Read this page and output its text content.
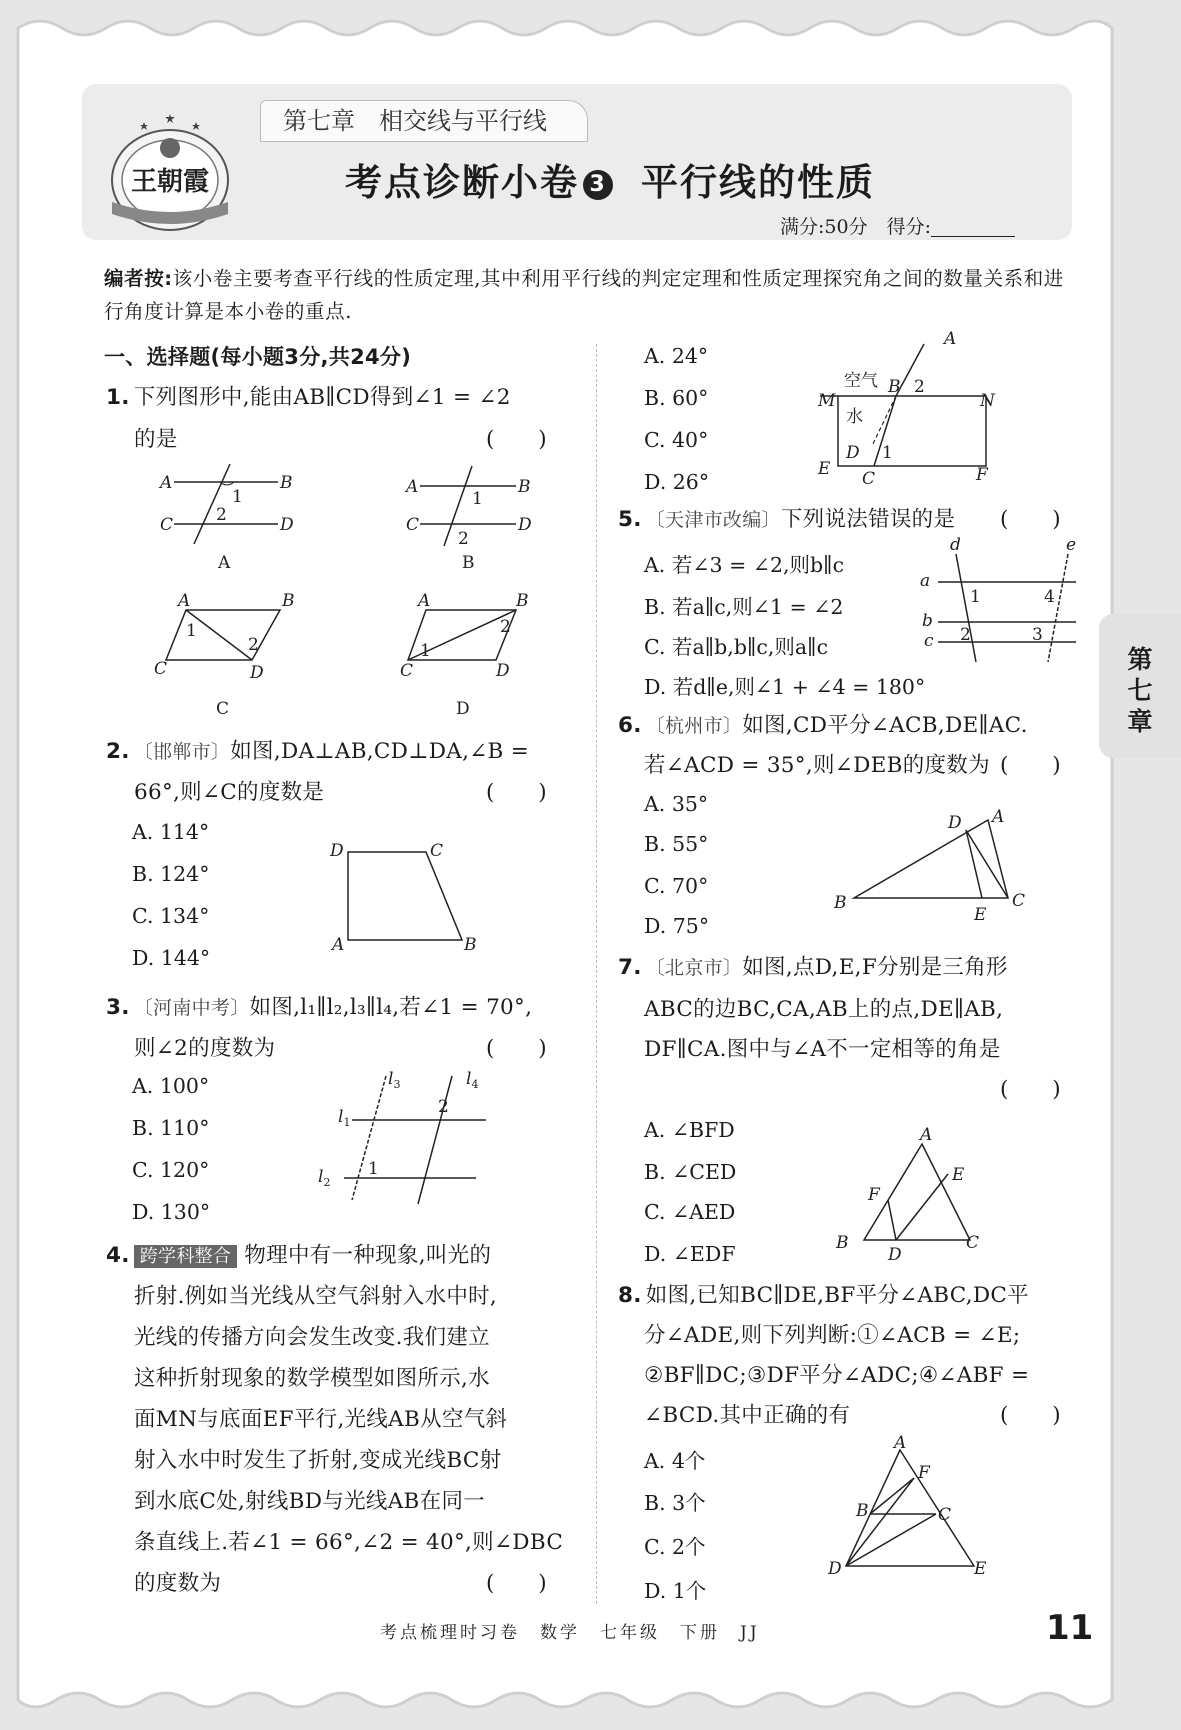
第七章　相交线与平行线
王朝霞	考点诊断小卷 3 平行线的性质
满分:50分　 得分:
编者按:该小卷主要考查平行线的性质定理,其中利用平行线的判定定理和性质定理探究角之间的数量关系和进行角度计算是本小卷的重点.
一、选择题(每小题3分,共24分)
1. 下列图形中,能由AB∥CD得到∠1 = ∠2
的是	(　　)
A	B
C	D
1
2
A
A	B
C	D
1
2
B
A	B
C	D
1
2
C
A	B
C	D
1
2
D
2. 〔邯郸市〕如图,DA⊥AB,CD⊥DA,∠B =
66°,则∠C的度数是	(　　)
A. 114°
B. 124°
C. 134°
D. 144°
D	C
A	B
3. 〔河南中考〕如图,l₁∥l₂,l₃∥l₄,若∠1 = 70°,
则∠2的度数为	(　　)
A. 100°
B. 110°
C. 120°
D. 130°
$l_3$	$l_4$
$l_1$
$l_2$
2
1
4. 跨学科整合 物理中有一种现象,叫光的
折射.例如当光线从空气斜射入水中时,
光线的传播方向会发生改变.我们建立
这种折射现象的数学模型如图所示,水
面MN与底面EF平行,光线AB从空气斜
射入水中时发生了折射,变成光线BC射
到水底C处,射线BD与光线AB在同一
条直线上.若∠1 = 66°,∠2 = 40°,则∠DBC
的度数为	(　　)
A. 24°
B. 60°
C. 40°
D. 26°
A
B 2
M	N
空气
水
D 1
E C	F
5. 〔天津市改编〕下列说法错误的是 (　　)
A. 若∠3 = ∠2,则b∥c
B. 若a∥c,则∠1 = ∠2
C. 若a∥b,b∥c,则a∥c
D. 若d∥e,则∠1 + ∠4 = 180°
d	e
a
b
c
1	4
2	3
6. 〔杭州市〕如图,CD平分∠ACB,DE∥AC.
若∠ACD = 35°,则∠DEB的度数为 (　　)
A. 35°
B. 55°
C. 70°
D. 75°
A
D
B
E
C
7. 〔北京市〕如图,点D,E,F分别是三角形
ABC的边BC,CA,AB上的点,DE∥AB,
DF∥CA.图中与∠A不一定相等的角是
(　　)
A. ∠BFD
B. ∠CED
C. ∠AED
D. ∠EDF
A
E
F
B
D
C
8. 如图,已知BC∥DE,BF平分∠ABC,DC平
分∠ADE,则下列判断:①∠ACB = ∠E;
②BF∥DC;③DF平分∠ADC;④∠ABF =
∠BCD.其中正确的有	(　　)
A. 4个
B. 3个
C. 2个
D. 1个
A
F
B	C
D	E
第七章
考点梳理时习卷　数学　七年级　下册　JJ	11
